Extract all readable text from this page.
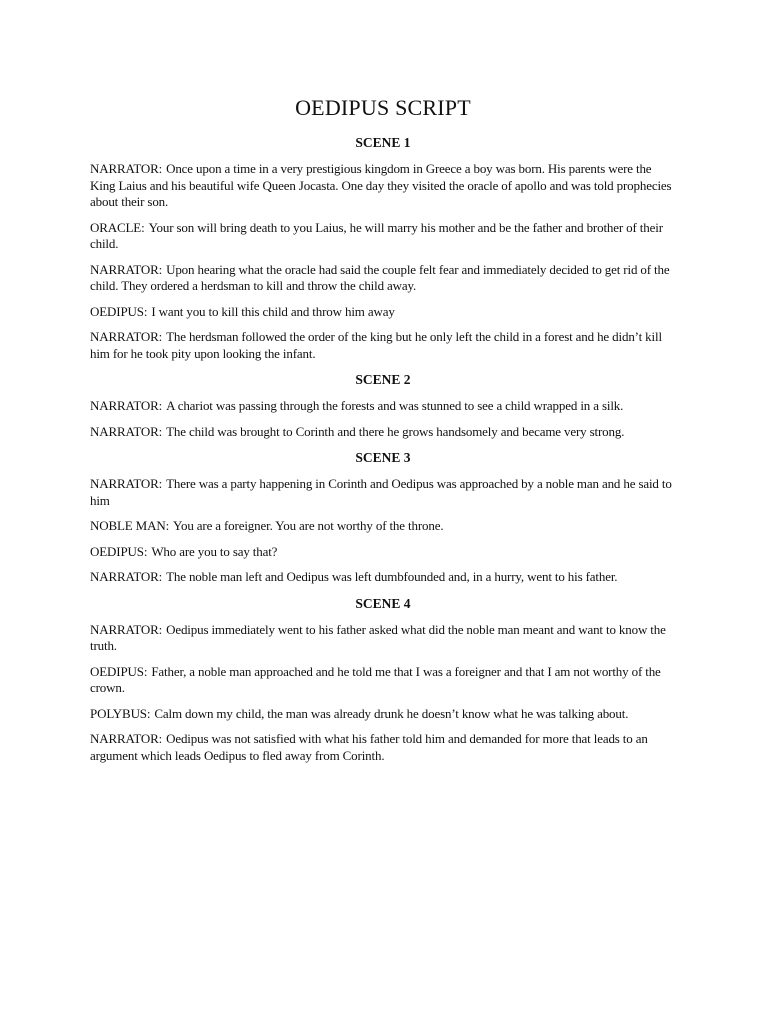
OEDIPUS SCRIPT
SCENE 1

NARRATOR: Once upon a time in a very prestigious kingdom in Greece a boy was born. His parents were the King Laius and his beautiful wife Queen Jocasta. One day they visited the oracle of apollo and was told prophecies about their son.

ORACLE: Your son will bring death to you Laius, he will marry his mother and be the father and brother of their child.

NARRATOR: Upon hearing what the oracle had said the couple felt fear and immediately decided to get rid of the child. They ordered a herdsman to kill and throw the child away.

OEDIPUS: I want you to kill this child and throw him away

NARRATOR: The herdsman followed the order of the king but he only left the child in a forest and he didn’t kill him for he took pity upon looking the infant.

SCENE 2

NARRATOR: A chariot was passing through the forests and was stunned to see a child wrapped in a silk.

NARRATOR: The child was brought to Corinth and there he grows handsomely and became very strong.

SCENE 3

NARRATOR: There was a party happening in Corinth and Oedipus was approached by a noble man and he said to him

NOBLE MAN: You are a foreigner. You are not worthy of the throne.

OEDIPUS: Who are you to say that?

NARRATOR: The noble man left and Oedipus was left dumbfounded and, in a hurry, went to his father.

SCENE 4

NARRATOR: Oedipus immediately went to his father asked what did the noble man meant and want to know the truth.

OEDIPUS: Father, a noble man approached and he told me that I was a foreigner and that I am not worthy of the crown.

POLYBUS: Calm down my child, the man was already drunk he doesn’t know what he was talking about.

NARRATOR: Oedipus was not satisfied with what his father told him and demanded for more that leads to an argument which leads Oedipus to fled away from Corinth.
